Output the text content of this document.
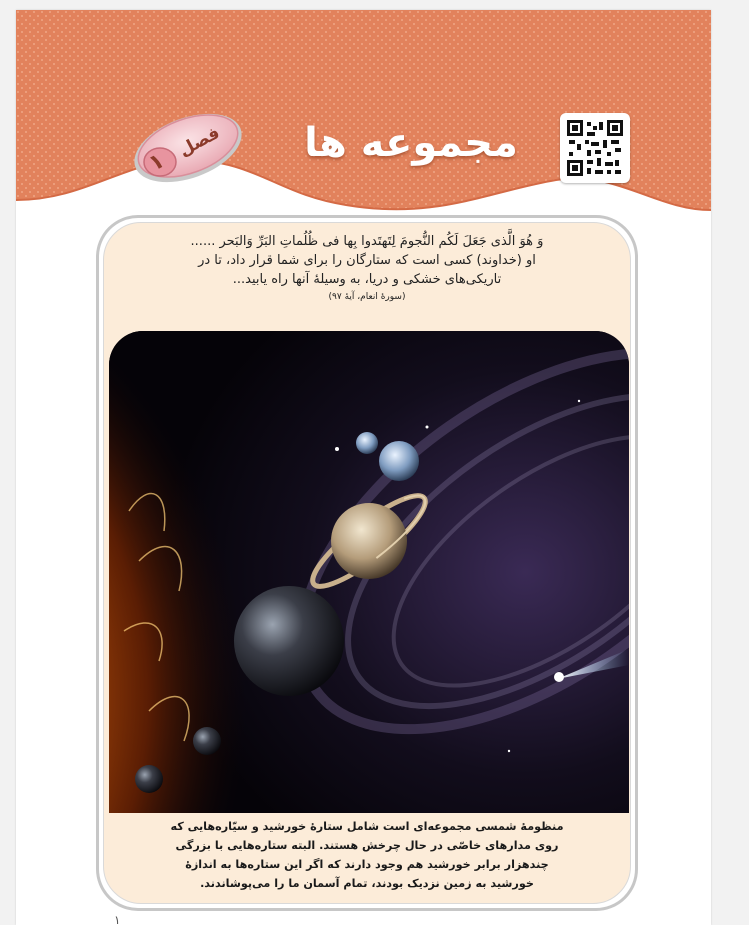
فصل
۱	مجموعه ها
وَ هُوَ الَّذی جَعَلَ لَکُم النُّجومَ لِتَهتَدوا بِها فی ظُلُماتِ البَرِّ وَالبَحر ......
او (خداوند) کسی است که ستارگان را برای شما قرار داد، تا در
تاریکی‌های خشکی و دریا، به وسیلۀ آنها راه یابید...
(سورۀ انعام، آیۀ ۹۷)
منظومۀ شمسی مجموعه‌ای است شامل ستارۀ خورشید و سیّاره‌هایی که
روی مدارهای خاصّی در حال چرخش هستند. البته ستاره‌هایی با بزرگی
چندهزار برابر خورشید هم وجود دارند که اگر این ستاره‌ها به اندازۀ
خورشید به زمین نزدیک بودند، تمام آسمان ما را می‌پوشاندند.
۱
